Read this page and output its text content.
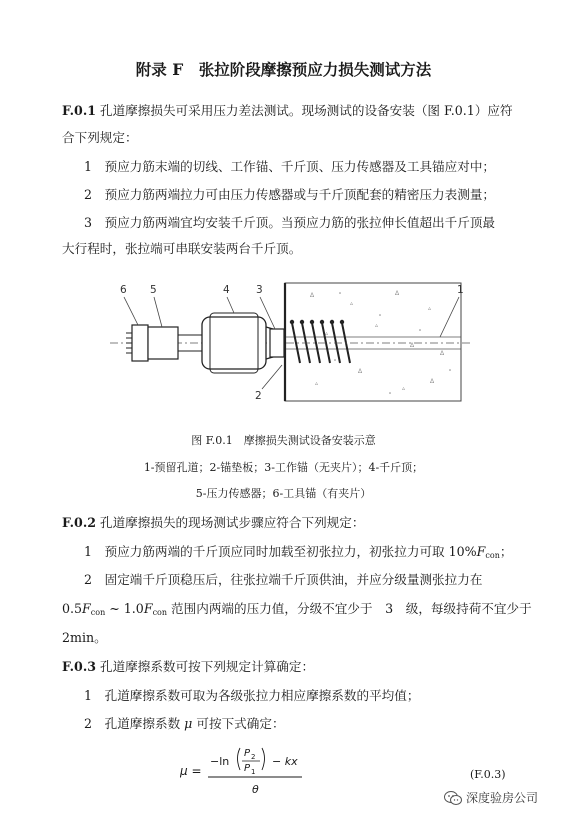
附录 F　张拉阶段摩擦预应力损失测试方法
F.0.1 孔道摩擦损失可采用压力差法测试。现场测试的设备安装（图 F.0.1）应符
合下列规定：
1　预应力筋末端的切线、工作锚、千斤顶、压力传感器及工具锚应对中；
2　预应力筋两端拉力可由压力传感器或与千斤顶配套的精密压力表测量；
3　预应力筋两端宜均安装千斤顶。当预应力筋的张拉伸长值超出千斤顶最
大行程时，张拉端可串联安装两台千斤顶。
Δ
▵
Δ
▵
Δ
▵
Δ
▵
Δ
▵
Δ
▵
6 5	4	3	1
2
图 F.0.1　摩擦损失测试设备安装示意
1-预留孔道；2-锚垫板；3-工作锚（无夹片）；4-千斤顶；
5-压力传感器；6-工具锚（有夹片）
F.0.2 孔道摩擦损失的现场测试步骤应符合下列规定：
1　预应力筋两端的千斤顶应同时加载至初张拉力，初张拉力可取 $10\%F_{con}$；
2　固定端千斤顶稳压后，往张拉端千斤顶供油，并应分级量测张拉力在
$0.5F_{con}$ ~ $1.0F_{con}$ 范围内两端的压力值，分级不宜少于　3　级，每级持荷不宜少于
2min。
F.0.3 孔道摩擦系数可按下列规定计算确定：
1　孔道摩擦系数可取为各级张拉力相应摩擦系数的平均值；
2　孔道摩擦系数 μ 可按下式确定：
μ =
−ln
P 2
P 1
− kx
θ
(F.0.3)
深度验房公司
